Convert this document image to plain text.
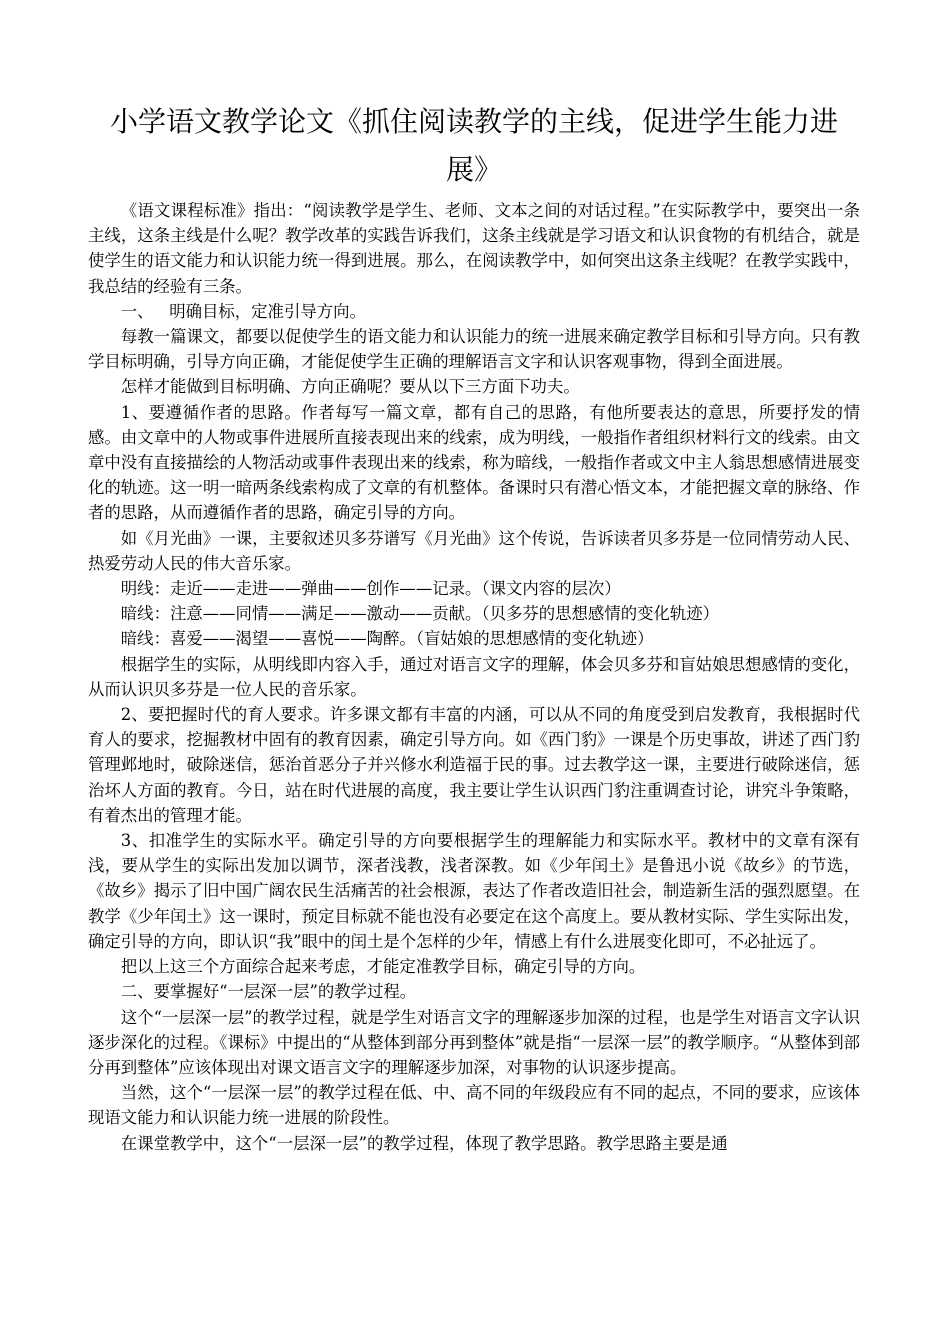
小学语文教学论文《抓住阅读教学的主线，促进学生能力进展》

《语文课程标准》指出：“阅读教学是学生、老师、文本之间的对话过程。”在实际教学中，要突出一条主线，这条主线是什么呢？教学改革的实践告诉我们，这条主线就是学习语文和认识食物的有机结合，就是使学生的语文能力和认识能力统一得到进展。那么，在阅读教学中，如何突出这条主线呢？在教学实践中，我总结的经验有三条。

一、   明确目标，定准引导方向。

每教一篇课文，都要以促使学生的语文能力和认识能力的统一进展来确定教学目标和引导方向。只有教学目标明确，引导方向正确，才能促使学生正确的理解语言文字和认识客观事物，得到全面进展。

怎样才能做到目标明确、方向正确呢？要从以下三方面下功夫。

1、要遵循作者的思路。作者每写一篇文章，都有自己的思路，有他所要表达的意思，所要抒发的情感。由文章中的人物或事件进展所直接表现出来的线索，成为明线，一般指作者组织材料行文的线索。由文章中没有直接描绘的人物活动或事件表现出来的线索，称为暗线，一般指作者或文中主人翁思想感情进展变化的轨迹。这一明一暗两条线索构成了文章的有机整体。备课时只有潜心悟文本，才能把握文章的脉络、作者的思路，从而遵循作者的思路，确定引导的方向。

如《月光曲》一课，主要叙述贝多芬谱写《月光曲》这个传说，告诉读者贝多芬是一位同情劳动人民、热爱劳动人民的伟大音乐家。

明线：走近——走进——弹曲——创作——记录。（课文内容的层次）

暗线：注意——同情——满足——激动——贡献。（贝多芬的思想感情的变化轨迹）

暗线：喜爱——渴望——喜悦——陶醉。（盲姑娘的思想感情的变化轨迹）

根据学生的实际，从明线即内容入手，通过对语言文字的理解，体会贝多芬和盲姑娘思想感情的变化，从而认识贝多芬是一位人民的音乐家。

2、要把握时代的育人要求。许多课文都有丰富的内涵，可以从不同的角度受到启发教育，我根据时代育人的要求，挖掘教材中固有的教育因素，确定引导方向。如《西门豹》一课是个历史事故，讲述了西门豹管理邺地时，破除迷信，惩治首恶分子并兴修水利造福于民的事。过去教学这一课，主要进行破除迷信，惩治坏人方面的教育。今日，站在时代进展的高度，我主要让学生认识西门豹注重调查讨论，讲究斗争策略，有着杰出的管理才能。

3、扣准学生的实际水平。确定引导的方向要根据学生的理解能力和实际水平。教材中的文章有深有浅，要从学生的实际出发加以调节，深者浅教，浅者深教。如《少年闰土》是鲁迅小说《故乡》的节选，《故乡》揭示了旧中国广阔农民生活痛苦的社会根源，表达了作者改造旧社会，制造新生活的强烈愿望。在教学《少年闰土》这一课时，预定目标就不能也没有必要定在这个高度上。要从教材实际、学生实际出发，确定引导的方向，即认识“我”眼中的闰土是个怎样的少年，情感上有什么进展变化即可，不必扯远了。

把以上这三个方面综合起来考虑，才能定准教学目标，确定引导的方向。

二、要掌握好“一层深一层”的教学过程。

这个“一层深一层”的教学过程，就是学生对语言文字的理解逐步加深的过程，也是学生对语言文字认识逐步深化的过程。《课标》中提出的“从整体到部分再到整体”就是指“一层深一层”的教学顺序。“从整体到部分再到整体”应该体现出对课文语言文字的理解逐步加深，对事物的认识逐步提高。

当然，这个“一层深一层”的教学过程在低、中、高不同的年级段应有不同的起点，不同的要求，应该体现语文能力和认识能力统一进展的阶段性。

在课堂教学中，这个“一层深一层”的教学过程，体现了教学思路。教学思路主要是通
